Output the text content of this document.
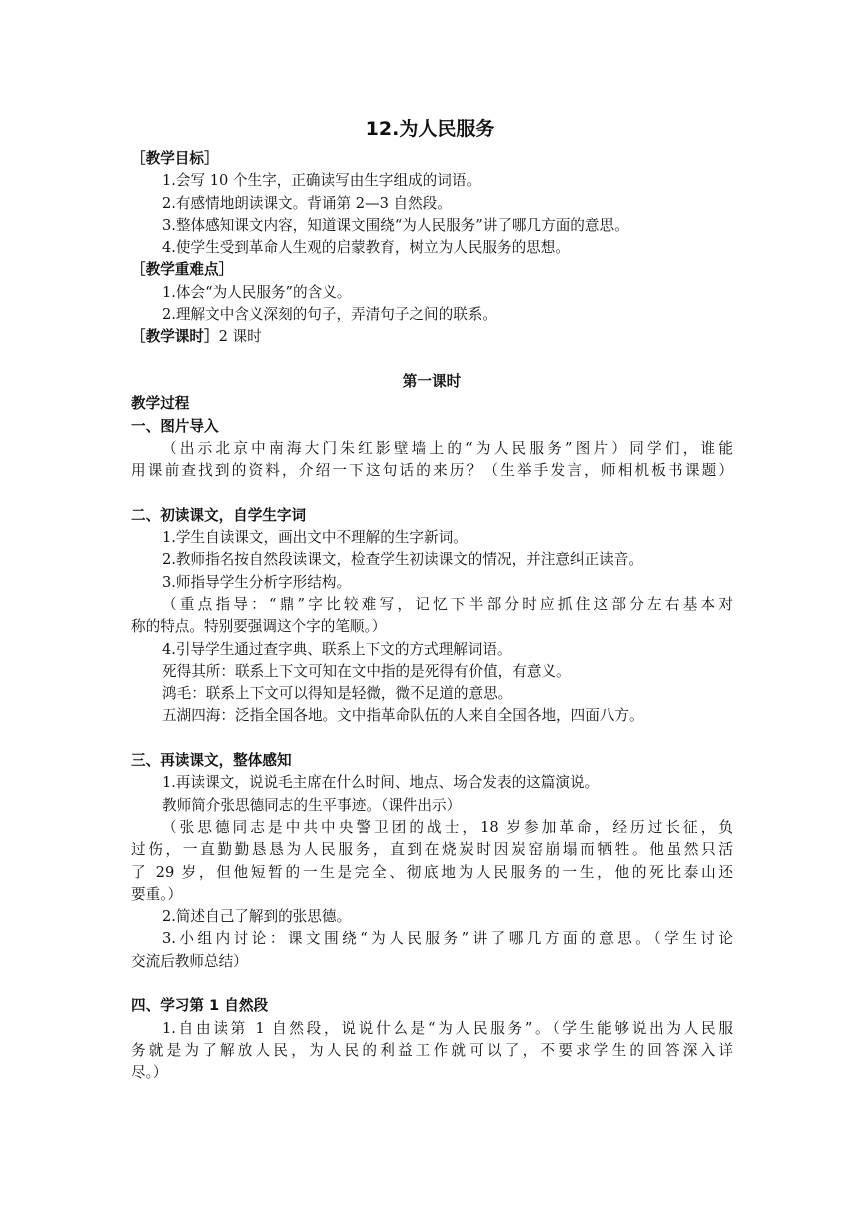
12.为人民服务
［教学目标］
1.会写 10 个生字，正确读写由生字组成的词语。
2.有感情地朗读课文。背诵第 2—3 自然段。
3.整体感知课文内容，知道课文围绕“为人民服务”讲了哪几方面的意思。
4.使学生受到革命人生观的启蒙教育，树立为人民服务的思想。
［教学重难点］
1.体会“为人民服务”的含义。
2.理解文中含义深刻的句子，弄清句子之间的联系。
［教学课时］2 课时
第一课时
教学过程
一、图片导入
（出示北京中南海大门朱红影壁墙上的“为人民服务”图片）同学们，谁能
用课前查找到的资料，介绍一下这句话的来历？（生举手发言，师相机板书课题）
二、初读课文，自学生字词
1.学生自读课文，画出文中不理解的生字新词。
2.教师指名按自然段读课文，检查学生初读课文的情况，并注意纠正读音。
3.师指导学生分析字形结构。
（重点指导：“鼎”字比较难写，记忆下半部分时应抓住这部分左右基本对
称的特点。特别要强调这个字的笔顺。）
4.引导学生通过查字典、联系上下文的方式理解词语。
死得其所：联系上下文可知在文中指的是死得有价值，有意义。
鸿毛：联系上下文可以得知是轻微，微不足道的意思。
五湖四海：泛指全国各地。文中指革命队伍的人来自全国各地，四面八方。
三、再读课文，整体感知
1.再读课文，说说毛主席在什么时间、地点、场合发表的这篇演说。
教师简介张思德同志的生平事迹。（课件出示）
（张思德同志是中共中央警卫团的战士，18 岁参加革命，经历过长征，负
过伤，一直勤勤恳恳为人民服务，直到在烧炭时因炭窑崩塌而牺牲。他虽然只活
了 29 岁，但他短暂的一生是完全、彻底地为人民服务的一生，他的死比泰山还
要重。）
2.简述自己了解到的张思德。
3.小组内讨论：课文围绕“为人民服务”讲了哪几方面的意思。（学生讨论
交流后教师总结）
四、学习第 1 自然段
1.自由读第 1 自然段，说说什么是“为人民服务”。（学生能够说出为人民服
务就是为了解放人民，为人民的利益工作就可以了，不要求学生的回答深入详
尽。）
